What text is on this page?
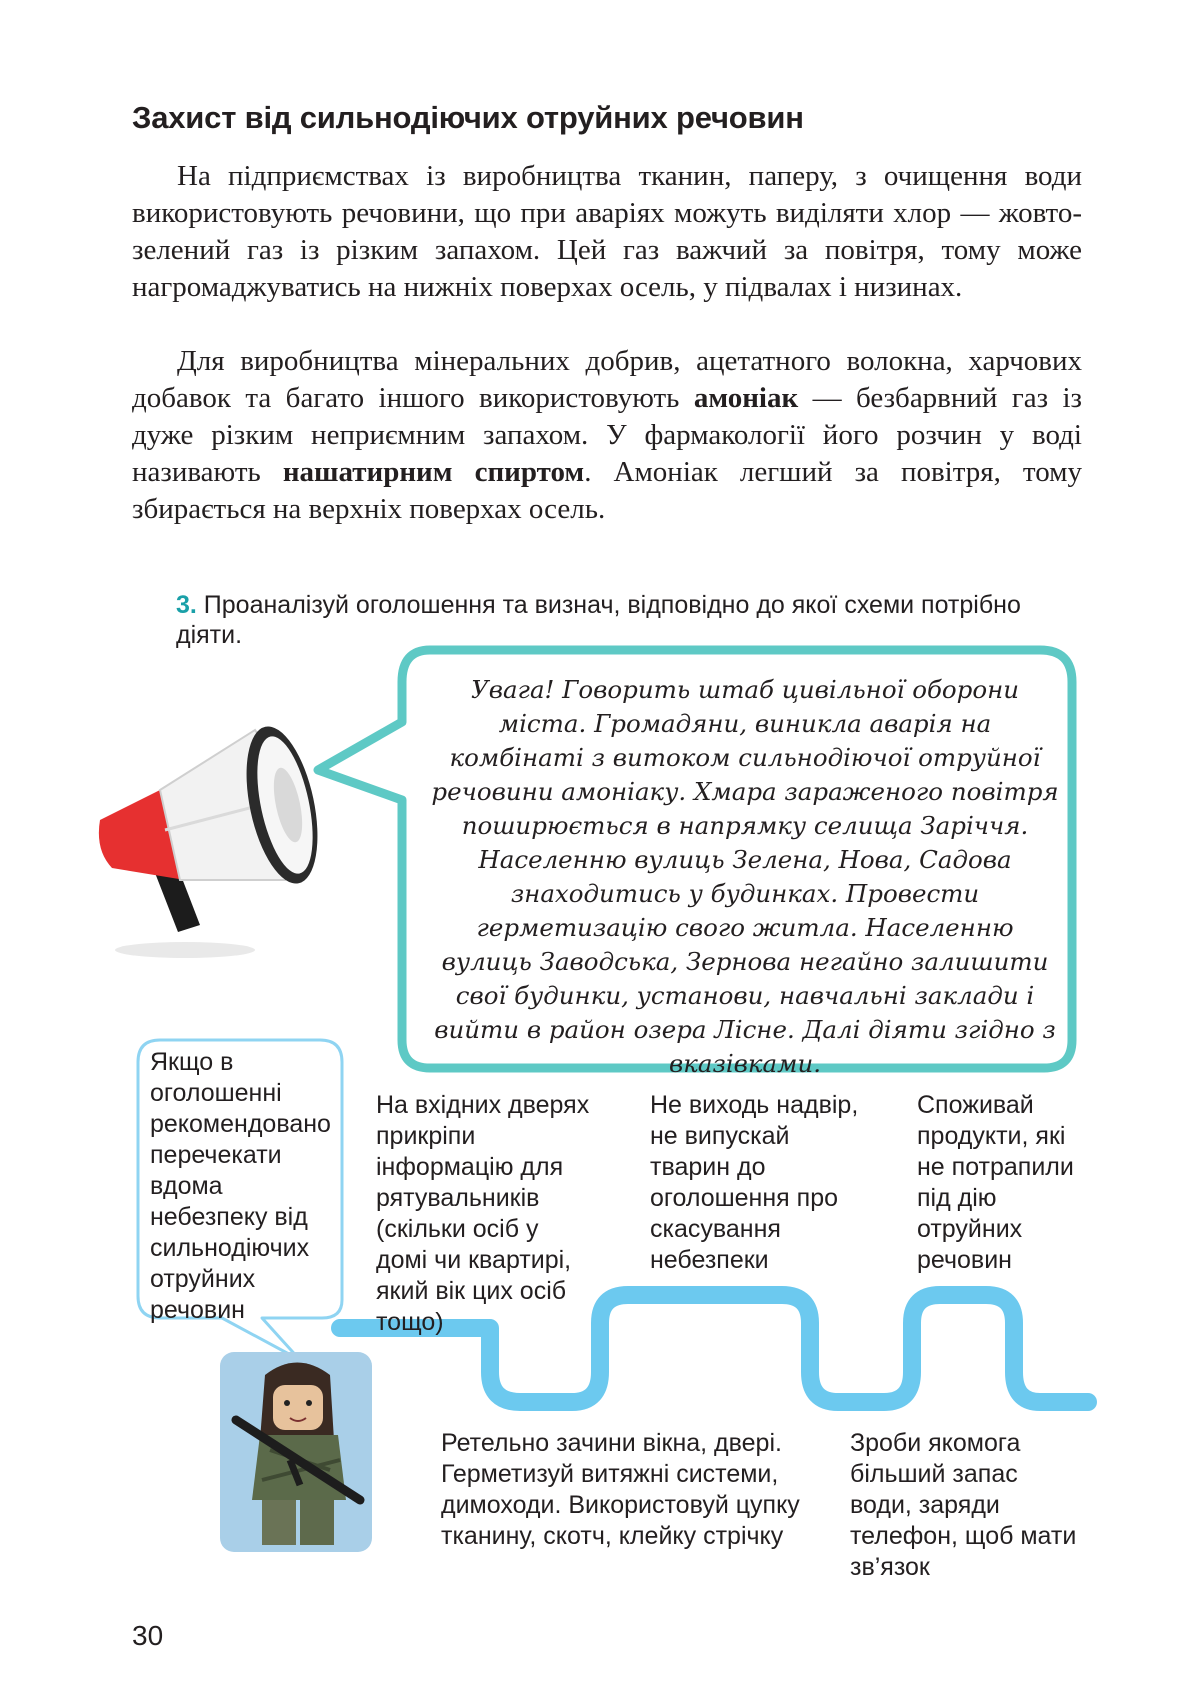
Захист від сильнодіючих отруйних речовин

На підприємствах із виробництва тканин, паперу, з очищення води використовують речовини, що при аваріях можуть виділяти хлор — жовто-зелений газ із різким запахом. Цей газ важчий за повітря, тому може нагромаджуватись на нижніх поверхах осель, у підвалах і низинах.

Для виробництва мінеральних добрив, ацетатного волокна, харчових добавок та багато іншого використовують амоніак — безбарвний газ із дуже різким неприємним запахом. У фармакології його розчин у воді називають нашатирним спиртом. Амоніак легший за повітря, тому збирається на верхніх поверхах осель.

3. Проаналізуй оголошення та визнач, відповідно до якої схеми потрібно діяти.

Увага! Говорить штаб цивільної оборони міста. Громадяни, виникла аварія на комбінаті з витоком сильнодіючої отруйної речовини амоніаку. Хмара зараженого повітря поширюється в напрямку селища Заріччя. Населенню вулиць Зелена, Нова, Садова знаходитись у будинках. Провести герметизацію свого житла. Населенню вулиць Заводська, Зернова негайно залишити свої будинки, установи, навчальні заклади і вийти в район озера Лісне. Далі діяти згідно з вказівками.
Якщо в оголошенні рекомендовано перечекати вдома небезпеку від сильнодіючих отруйних речовин
На вхідних дверях прикріпи інформацію для рятувальників (скільки осіб у домі чи квартирі, який вік цих осіб тощо)
Не виходь надвір, не випускай тварин до оголошення про скасування небезпеки
Споживай продукти, які не потрапили під дію отруйних речовин
Ретельно зачини вікна, двері. Герметизуй витяжні системи, димоходи. Використовуй цупку тканину, скотч, клейку стрічку
Зроби якомога більший запас води, заряди телефон, щоб мати зв’язок
30
